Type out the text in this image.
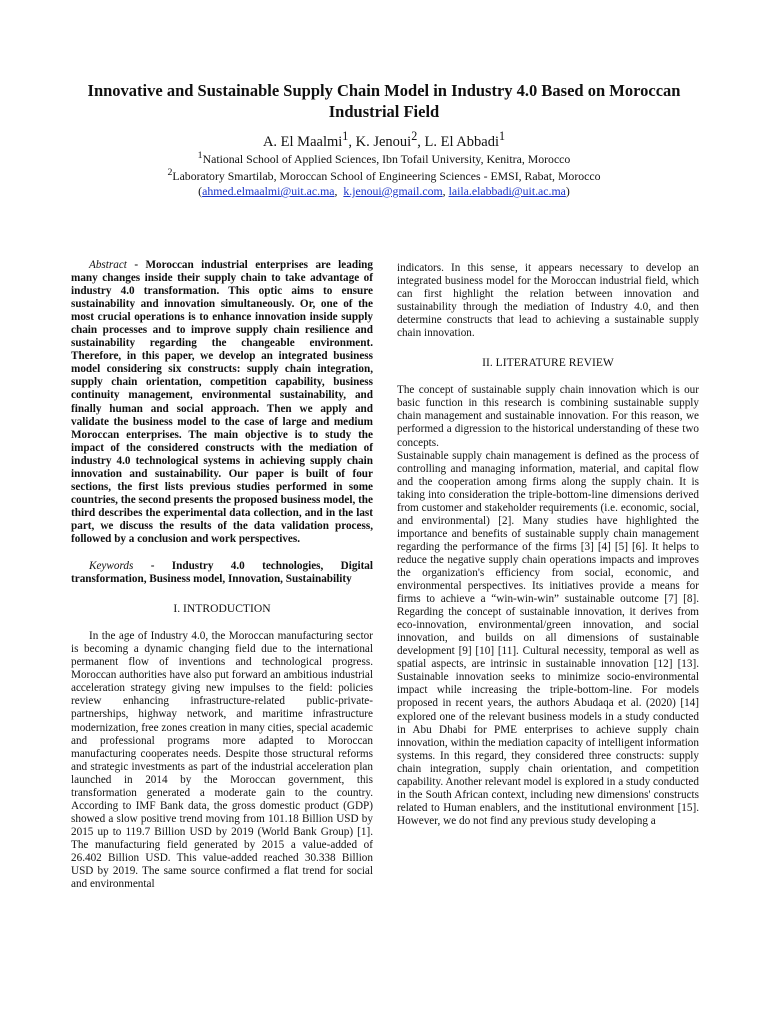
Innovative and Sustainable Supply Chain Model in Industry 4.0 Based on Moroccan Industrial Field
A. El Maalmi$^1$, K. Jenoui$^2$, L. El Abbadi$^1$
$^1$National School of Applied Sciences, Ibn Tofail University, Kenitra, Morocco
$^2$Laboratory Smartilab, Moroccan School of Engineering Sciences - EMSI, Rabat, Morocco
(ahmed.elmaalmi@uit.ac.ma,  k.jenoui@gmail.com, laila.elabbadi@uit.ac.ma)

Abstract - Moroccan industrial enterprises are leading many changes inside their supply chain to take advantage of industry 4.0 transformation. This optic aims to ensure sustainability and innovation simultaneously. Or, one of the most crucial operations is to enhance innovation inside supply chain processes and to improve supply chain resilience and sustainability regarding the changeable environment. Therefore, in this paper, we develop an integrated business model considering six constructs: supply chain integration, supply chain orientation, competition capability, business continuity management, environmental sustainability, and finally human and social approach. Then we apply and validate the business model to the case of large and medium Moroccan enterprises. The main objective is to study the impact of the considered constructs with the mediation of industry 4.0 technological systems in achieving supply chain innovation and sustainability. Our paper is built of four sections, the first lists previous studies performed in some countries, the second presents the proposed business model, the third describes the experimental data collection, and in the last part, we discuss the results of the data validation process, followed by a conclusion and work perspectives.

Keywords - Industry 4.0 technologies, Digital transformation, Business model, Innovation, Sustainability

I. INTRODUCTION

In the age of Industry 4.0, the Moroccan manufacturing sector is becoming a dynamic changing field due to the international permanent flow of inventions and technological progress. Moroccan authorities have also put forward an ambitious industrial acceleration strategy giving new impulses to the field: policies review enhancing infrastructure-related public-private-partnerships, highway network, and maritime infrastructure modernization, free zones creation in many cities, special academic and professional programs more adapted to Moroccan manufacturing cooperates needs. Despite those structural reforms and strategic investments as part of the industrial acceleration plan launched in 2014 by the Moroccan government, this transformation generated a moderate gain to the country. According to IMF Bank data, the gross domestic product (GDP) showed a slow positive trend moving from 101.18 Billion USD by 2015 up to 119.7 Billion USD by 2019 (World Bank Group) [1]. The manufacturing field generated by 2015 a value-added of 26.402 Billion USD. This value-added reached 30.338 Billion USD by 2019. The same source confirmed a flat trend for social and environmental

indicators. In this sense, it appears necessary to develop an integrated business model for the Moroccan industrial field, which can first highlight the relation between innovation and sustainability through the mediation of Industry 4.0, and then determine constructs that lead to achieving a sustainable supply chain innovation.

II. LITERATURE REVIEW

The concept of sustainable supply chain innovation which is our basic function in this research is combining sustainable supply chain management and sustainable innovation. For this reason, we performed a digression to the historical understanding of these two concepts.

Sustainable supply chain management is defined as the process of controlling and managing information, material, and capital flow and the cooperation among firms along the supply chain. It is taking into consideration the triple-bottom-line dimensions derived from customer and stakeholder requirements (i.e. economic, social, and environmental) [2]. Many studies have highlighted the importance and benefits of sustainable supply chain management regarding the performance of the firms [3] [4] [5] [6]. It helps to reduce the negative supply chain operations impacts and improves the organization's efficiency from social, economic, and environmental perspectives. Its initiatives provide a means for firms to achieve a “win-win-win” sustainable outcome [7] [8]. Regarding the concept of sustainable innovation, it derives from eco-innovation, environmental/green innovation, and social innovation, and builds on all dimensions of sustainable development [9] [10] [11]. Cultural necessity, temporal as well as spatial aspects, are intrinsic in sustainable innovation [12] [13]. Sustainable innovation seeks to minimize socio-environmental impact while increasing the triple-bottom-line. For models proposed in recent years, the authors Abudaqa et al. (2020) [14] explored one of the relevant business models in a study conducted in Abu Dhabi for PME enterprises to achieve supply chain innovation, within the mediation capacity of intelligent information systems. In this regard, they considered three constructs: supply chain integration, supply chain orientation, and competition capability. Another relevant model is explored in a study conducted in the South African context, including new dimensions' constructs related to Human enablers, and the institutional environment [15]. However, we do not find any previous study developing a
